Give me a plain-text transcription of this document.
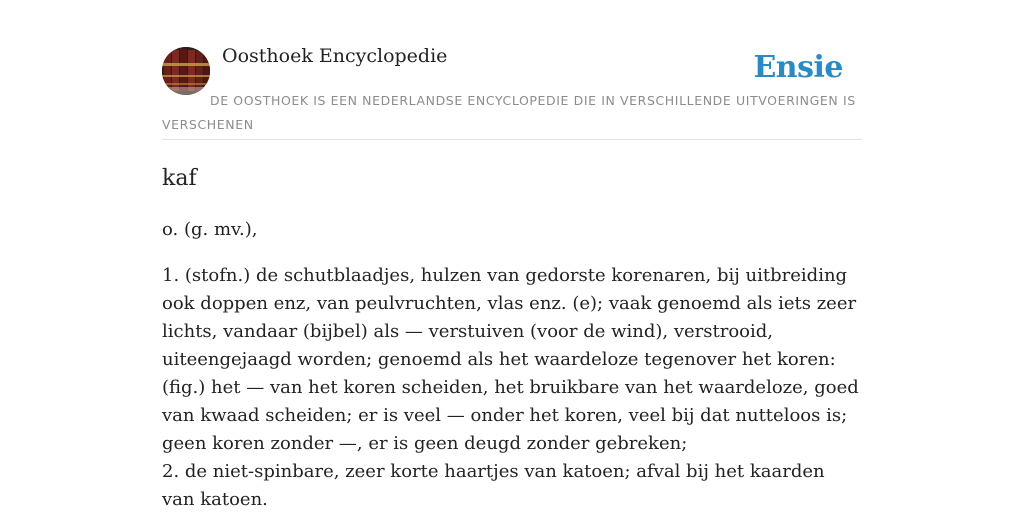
Oosthoek Encyclopedie	Ensie
DE OOSTHOEK IS EEN NEDERLANDSE ENCYCLOPEDIE DIE IN VERSCHILLENDE UITVOERINGEN IS VERSCHENEN
kaf

o. (g. mv.),

1. (stofn.) de schutblaadjes, hulzen van gedorste korenaren, bij uitbreiding ook doppen enz, van peulvruchten, vlas enz. (e); vaak genoemd als iets zeer lichts, vandaar (bijbel) als — verstuiven (voor de wind), verstrooid, uiteengejaagd worden; genoemd als het waardeloze tegenover het koren: (fig.) het — van het koren scheiden, het bruikbare van het waardeloze, goed van kwaad scheiden; er is veel — onder het koren, veel bij dat nutteloos is; geen koren zonder —, er is geen deugd zonder gebreken;

2. de niet-spinbare, zeer korte haartjes van katoen; afval bij het kaarden van katoen.
